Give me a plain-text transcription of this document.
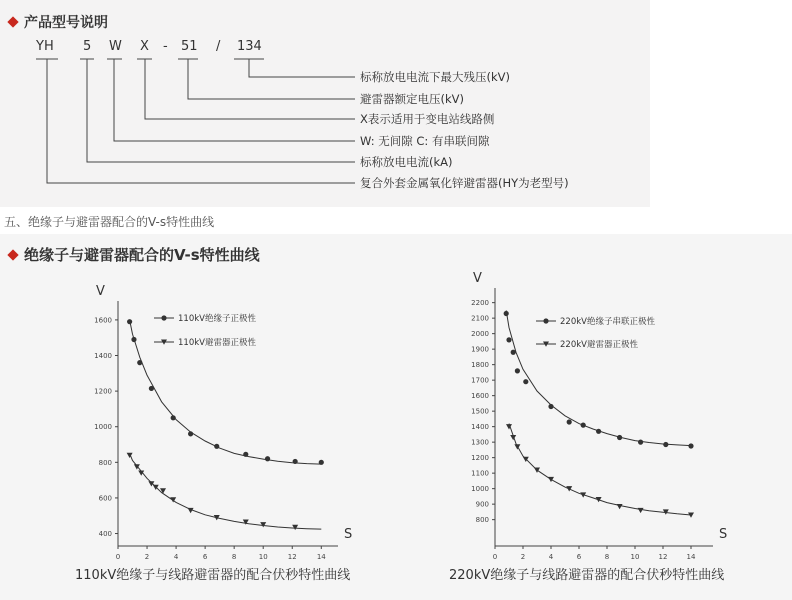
产品型号说明
YH 5 W X - 51 / 134
标称放电电流下最大残压(kV)
避雷器额定电压(kV)
X表示适用于变电站线路侧
W: 无间隙 C: 有串联间隙
标称放电电流(kA)
复合外套金属氧化锌避雷器(HY为老型号)
五、绝缘子与避雷器配合的V-s特性曲线
绝缘子与避雷器配合的V-s特性曲线
V
S
0	2	4	6	8	10	12	14
400
600
800
1000
1200
1400
1600	110kV绝缘子正极性
110kV避雷器正极性
V
S
0	2	4	6	8	10	12	14
800
900
1000
1100
1200
1300
1400
1500
1600
1700
1800
1900
2000
2100
2200
220kV绝缘子串联正极性
220kV避雷器正极性
110kV绝缘子与线路避雷器的配合伏秒特性曲线	220kV绝缘子与线路避雷器的配合伏秒特性曲线
